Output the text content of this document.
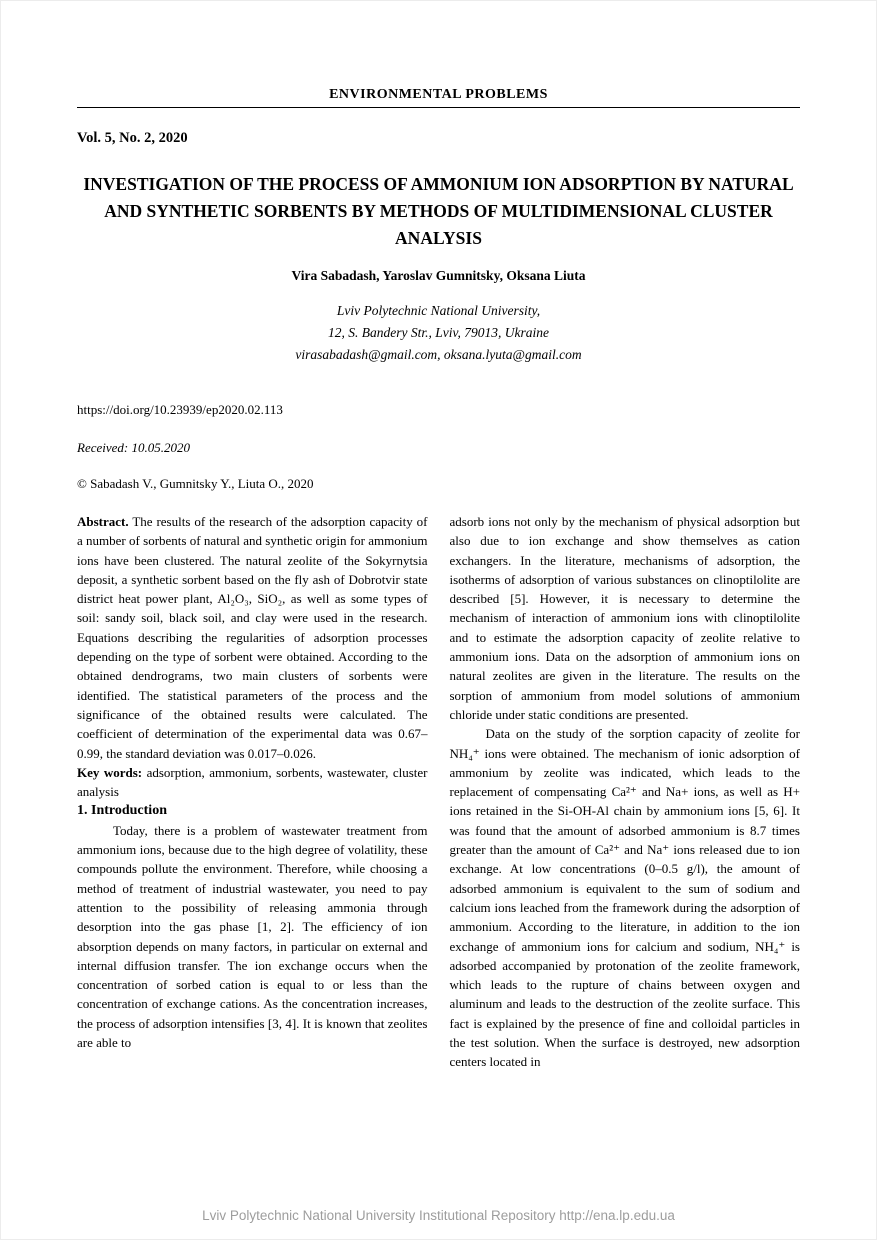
ENVIRONMENTAL PROBLEMS
Vol. 5, No. 2, 2020
INVESTIGATION OF THE PROCESS OF AMMONIUM ION ADSORPTION BY NATURAL AND SYNTHETIC SORBENTS BY METHODS OF MULTIDIMENSIONAL CLUSTER ANALYSIS
Vira Sabadash, Yaroslav Gumnitsky, Oksana Liuta
Lviv Polytechnic National University,
12, S. Bandery Str., Lviv, 79013, Ukraine
virasabadash@gmail.com, oksana.lyuta@gmail.com
https://doi.org/10.23939/ep2020.02.113
Received: 10.05.2020
© Sabadash V., Gumnitsky Y., Liuta O., 2020

Abstract. The results of the research of the adsorption capacity of a number of sorbents of natural and synthetic origin for ammonium ions have been clustered. The natural zeolite of the Sokyrnytsia deposit, a synthetic sorbent based on the fly ash of Dobrotvir state district heat power plant, Al₂O₃, SiO₂, as well as some types of soil: sandy soil, black soil, and clay were used in the research. Equations describing the regularities of adsorption processes depending on the type of sorbent were obtained. According to the obtained dendrograms, two main clusters of sorbents were identified. The statistical parameters of the process and the significance of the obtained results were calculated. The coefficient of determination of the experimental data was 0.67–0.99, the standard deviation was 0.017–0.026.

Key words: adsorption, ammonium, sorbents, wastewater, cluster analysis

1. Introduction

Today, there is a problem of wastewater treatment from ammonium ions, because due to the high degree of volatility, these compounds pollute the environment. Therefore, while choosing a method of treatment of industrial wastewater, you need to pay attention to the possibility of releasing ammonia through desorption into the gas phase [1, 2]. The efficiency of ion absorption depends on many factors, in particular on external and internal diffusion transfer. The ion exchange occurs when the concentration of sorbed cation is equal to or less than the concentration of exchange cations. As the concentration increases, the process of adsorption intensifies [3, 4]. It is known that zeolites are able to

adsorb ions not only by the mechanism of physical adsorption but also due to ion exchange and show themselves as cation exchangers. In the literature, mechanisms of adsorption, the isotherms of adsorption of various substances on clinoptilolite are described [5]. However, it is necessary to determine the mechanism of interaction of ammonium ions with clinoptilolite and to estimate the adsorption capacity of zeolite relative to ammonium ions. Data on the adsorption of ammonium ions on natural zeolites are given in the literature. The results on the sorption of ammonium from model solutions of ammonium chloride under static conditions are presented.

Data on the study of the sorption capacity of zeolite for NH₄⁺ ions were obtained. The mechanism of ionic adsorption of ammonium by zeolite was indicated, which leads to the replacement of compensating Ca²⁺ and Na+ ions, as well as H+ ions retained in the Si-OH-Al chain by ammonium ions [5, 6]. It was found that the amount of adsorbed ammonium is 8.7 times greater than the amount of Ca²⁺ and Na⁺ ions released due to ion exchange. At low concentrations (0–0.5 g/l), the amount of adsorbed ammonium is equivalent to the sum of sodium and calcium ions leached from the framework during the adsorption of ammonium. According to the literature, in addition to the ion exchange of ammonium ions for calcium and sodium, NH₄⁺ is adsorbed accompanied by protonation of the zeolite framework, which leads to the rupture of chains between oxygen and aluminum and leads to the destruction of the zeolite surface. This fact is explained by the presence of fine and colloidal particles in the test solution. When the surface is destroyed, new adsorption centers located in

Lviv Polytechnic National University Institutional Repository http://ena.lp.edu.ua
